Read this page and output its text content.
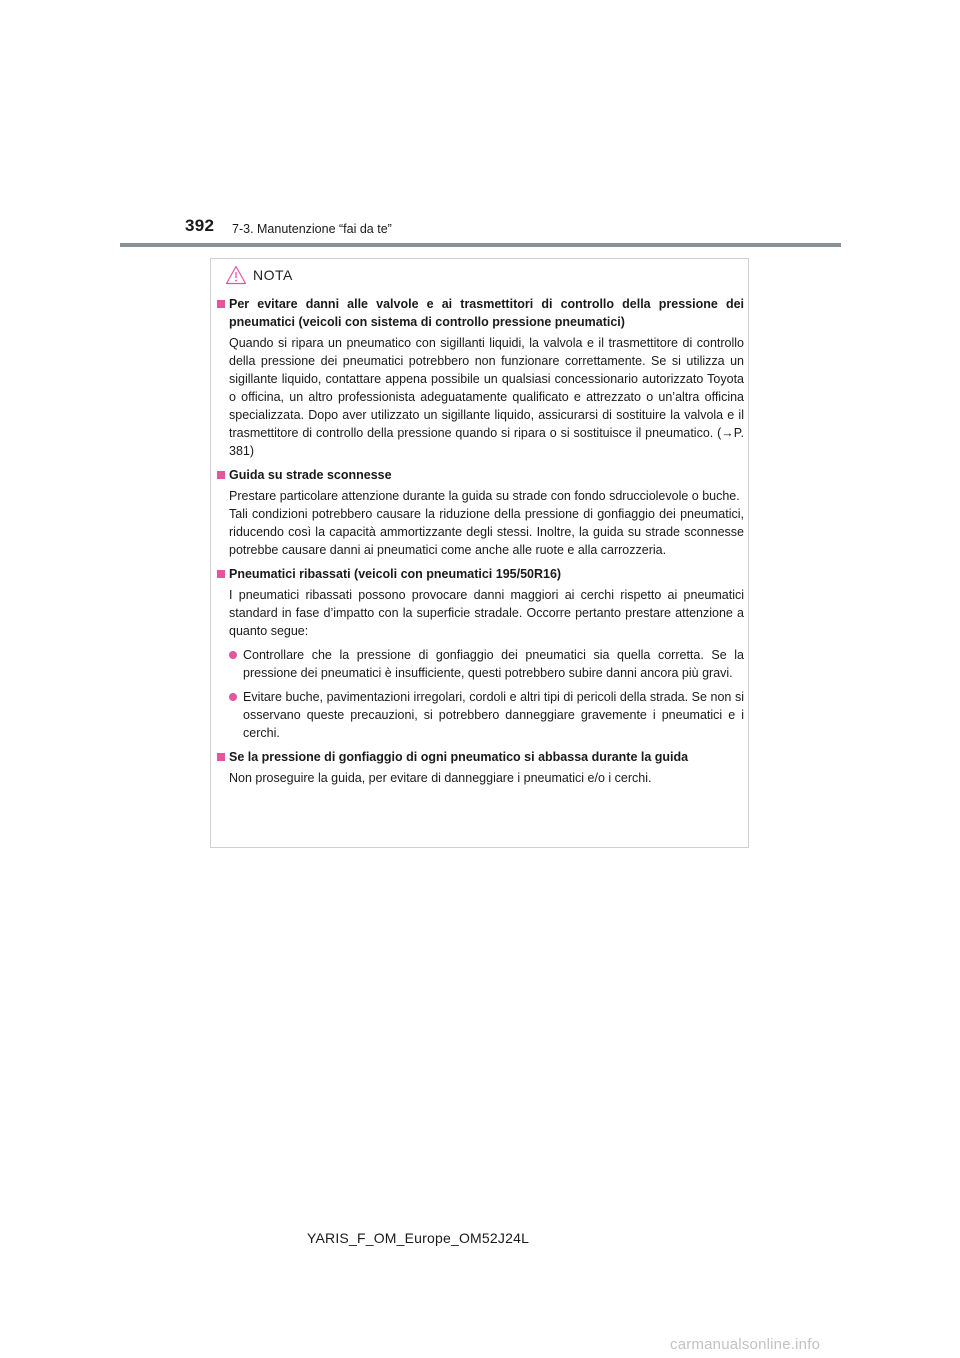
392 7-3. Manutenzione “fai da te”
NOTA
Per evitare danni alle valvole e ai trasmettitori di controllo della pressione dei pneumatici (veicoli con sistema di controllo pressione pneumatici)
Quando si ripara un pneumatico con sigillanti liquidi, la valvola e il trasmettitore di controllo della pressione dei pneumatici potrebbero non funzionare correttamente. Se si utilizza un sigillante liquido, contattare appena possibile un qualsiasi concessionario autorizzato Toyota o officina, un altro professionista adeguatamente qualificato e attrezzato o un’altra officina specializzata. Dopo aver utilizzato un sigillante liquido, assicurarsi di sostituire la valvola e il trasmettitore di controllo della pressione quando si ripara o si sostituisce il pneumatico. (→P. 381)
Guida su strade sconnesse
Prestare particolare attenzione durante la guida su strade con fondo sdrucciolevole o buche.
Tali condizioni potrebbero causare la riduzione della pressione di gonfiaggio dei pneumatici, riducendo così la capacità ammortizzante degli stessi. Inoltre, la guida su strade sconnesse potrebbe causare danni ai pneumatici come anche alle ruote e alla carrozzeria.
Pneumatici ribassati (veicoli con pneumatici 195/50R16)
I pneumatici ribassati possono provocare danni maggiori ai cerchi rispetto ai pneumatici standard in fase d’impatto con la superficie stradale. Occorre pertanto prestare attenzione a quanto segue:
Controllare che la pressione di gonfiaggio dei pneumatici sia quella corretta. Se la pressione dei pneumatici è insufficiente, questi potrebbero subire danni ancora più gravi.
Evitare buche, pavimentazioni irregolari, cordoli e altri tipi di pericoli della strada. Se non si osservano queste precauzioni, si potrebbero danneggiare gravemente i pneumatici e i cerchi.
Se la pressione di gonfiaggio di ogni pneumatico si abbassa durante la guida
Non proseguire la guida, per evitare di danneggiare i pneumatici e/o i cerchi.
YARIS_F_OM_Europe_OM52J24L
carmanualsonline.info
